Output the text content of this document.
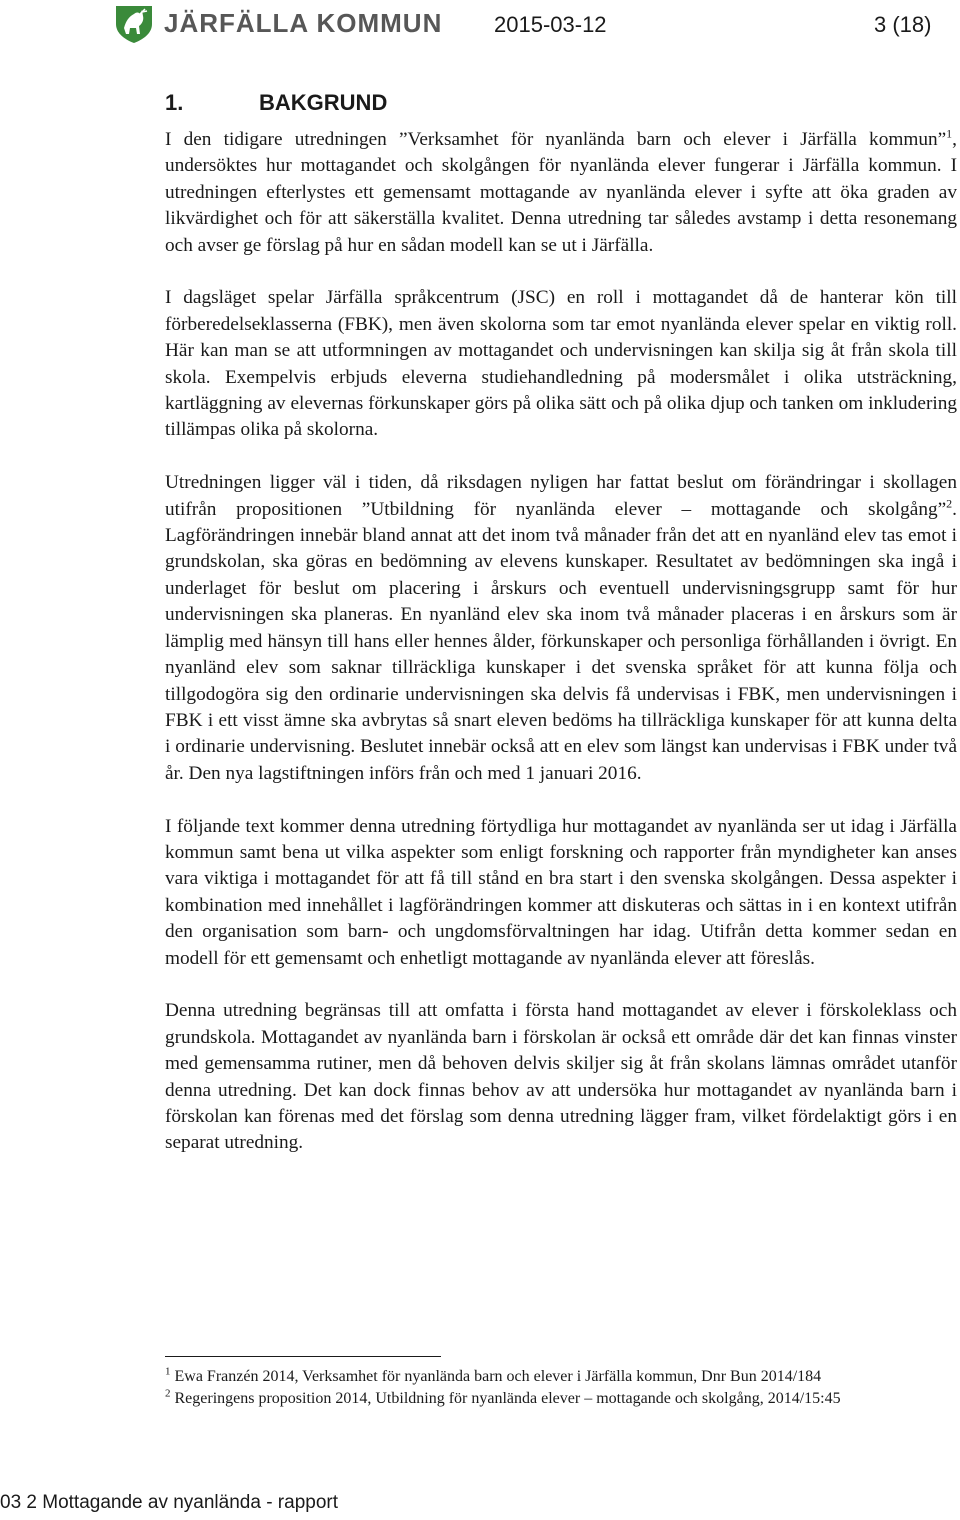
JÄRFÄLLA KOMMUN 2015-03-12	3 (18)
1.	BAKGRUND

I den tidigare utredningen ”Verksamhet för nyanlända barn och elever i Järfälla kommun”$^1$, undersöktes hur mottagandet och skolgången för nyanlända elever fungerar i Järfälla kommun. I utredningen efterlystes ett gemensamt mottagande av nyanlända elever i syfte att öka graden av likvärdighet och för att säkerställa kvalitet. Denna utredning tar således avstamp i detta resonemang och avser ge förslag på hur en sådan modell kan se ut i Järfälla.

I dagsläget spelar Järfälla språkcentrum (JSC) en roll i mottagandet då de hanterar kön till förberedelseklasserna (FBK), men även skolorna som tar emot nyanlända elever spelar en viktig roll. Här kan man se att utformningen av mottagandet och undervisningen kan skilja sig åt från skola till skola. Exempelvis erbjuds eleverna studiehandledning på modersmålet i olika utsträckning, kartläggning av elevernas förkunskaper görs på olika sätt och på olika djup och tanken om inkludering tillämpas olika på skolorna.

Utredningen ligger väl i tiden, då riksdagen nyligen har fattat beslut om förändringar i skollagen utifrån propositionen ”Utbildning för nyanlända elever – mottagande och skolgång”$^2$. Lagförändringen innebär bland annat att det inom två månader från det att en nyanländ elev tas emot i grundskolan, ska göras en bedömning av elevens kunskaper. Resultatet av bedömningen ska ingå i underlaget för beslut om placering i årskurs och eventuell undervisningsgrupp samt för hur undervisningen ska planeras. En nyanländ elev ska inom två månader placeras i en årskurs som är lämplig med hänsyn till hans eller hennes ålder, förkunskaper och personliga förhållanden i övrigt. En nyanländ elev som saknar tillräckliga kunskaper i det svenska språket för att kunna följa och tillgodogöra sig den ordinarie undervisningen ska delvis få undervisas i FBK, men undervisningen i FBK i ett visst ämne ska avbrytas så snart eleven bedöms ha tillräckliga kunskaper för att kunna delta i ordinarie undervisning. Beslutet innebär också att en elev som längst kan undervisas i FBK under två år. Den nya lagstiftningen införs från och med 1 januari 2016.

I följande text kommer denna utredning förtydliga hur mottagandet av nyanlända ser ut idag i Järfälla kommun samt bena ut vilka aspekter som enligt forskning och rapporter från myndigheter kan anses vara viktiga i mottagandet för att få till stånd en bra start i den svenska skolgången. Dessa aspekter i kombination med innehållet i lagförändringen kommer att diskuteras och sättas in i en kontext utifrån den organisation som barn- och ungdomsförvaltningen har idag. Utifrån detta kommer sedan en modell för ett gemensamt och enhetligt mottagande av nyanlända elever att föreslås.

Denna utredning begränsas till att omfatta i första hand mottagandet av elever i förskoleklass och grundskola. Mottagandet av nyanlända barn i förskolan är också ett område där det kan finnas vinster med gemensamma rutiner, men då behoven delvis skiljer sig åt från skolans lämnas området utanför denna utredning. Det kan dock finnas behov av att undersöka hur mottagandet av nyanlända barn i förskolan kan förenas med det förslag som denna utredning lägger fram, vilket fördelaktigt görs i en separat utredning.

$^1$ Ewa Franzén 2014, Verksamhet för nyanlända barn och elever i Järfälla kommun, Dnr Bun 2014/184

$^2$ Regeringens proposition 2014, Utbildning för nyanlända elever – mottagande och skolgång, 2014/15:45

03 2 Mottagande av nyanlända - rapport
